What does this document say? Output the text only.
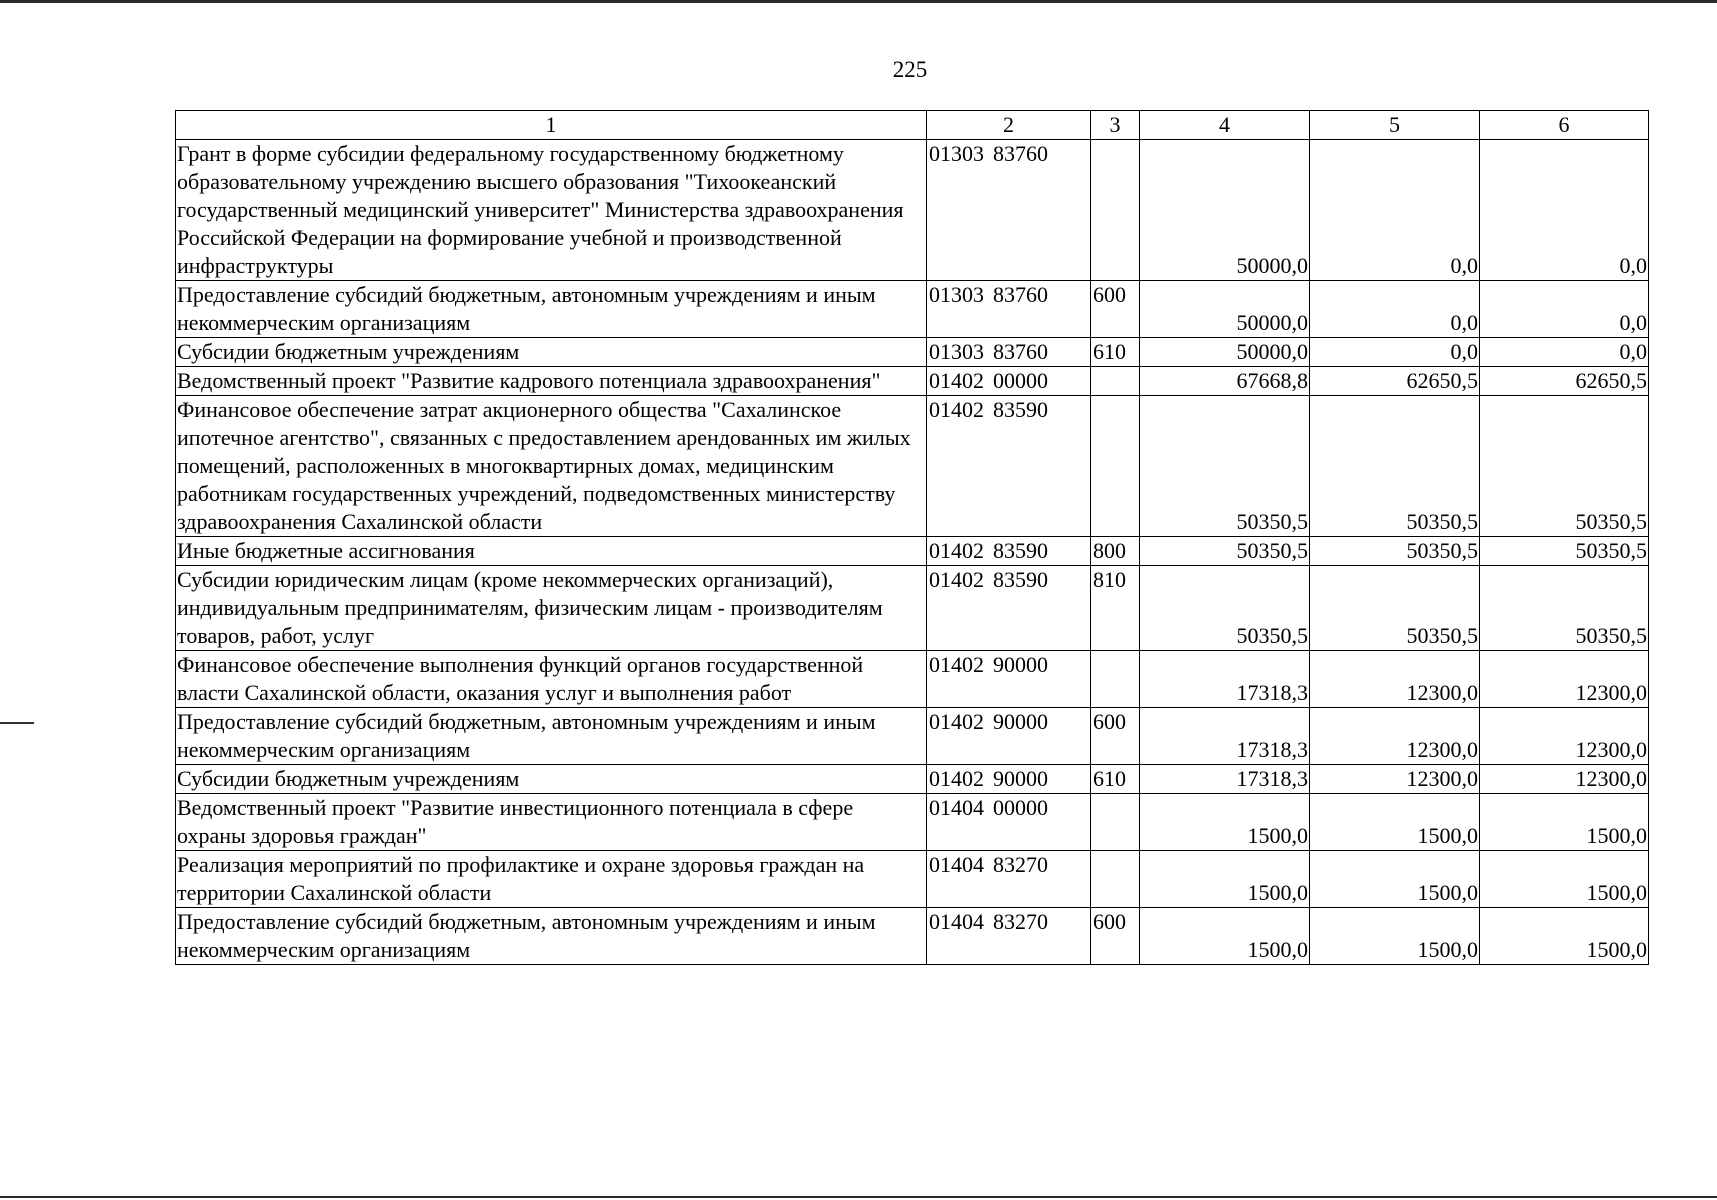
225
1	2	3	4	5	6
Грант в форме субсидии федеральному государственному бюджетному образовательному учреждению высшего образования "Тихоокеанский государственный медицинский университет" Министерства здравоохранения Российской Федерации на формирование учебной и производственной инфраструктуры	01303 83760		50000,0	0,0	0,0
Предоставление субсидий бюджетным, автономным учреждениям и иным некоммерческим организациям	01303 83760	600	50000,0	0,0	0,0
Субсидии бюджетным учреждениям	01303 83760	610	50000,0	0,0	0,0
Ведомственный проект "Развитие кадрового потенциала здравоохранения"	01402 00000		67668,8	62650,5	62650,5
Финансовое обеспечение затрат акционерного общества "Сахалинское ипотечное агентство", связанных с предоставлением арендованных им жилых помещений, расположенных в многоквартирных домах, медицинским работникам государственных учреждений, подведомственных министерству здравоохранения Сахалинской области	01402 83590		50350,5	50350,5	50350,5
Иные бюджетные ассигнования	01402 83590	800	50350,5	50350,5	50350,5
Субсидии юридическим лицам (кроме некоммерческих организаций), индивидуальным предпринимателям, физическим лицам - производителям товаров, работ, услуг	01402 83590	810	50350,5	50350,5	50350,5
Финансовое обеспечение выполнения функций органов государственной власти Сахалинской области, оказания услуг и выполнения работ	01402 90000		17318,3	12300,0	12300,0
Предоставление субсидий бюджетным, автономным учреждениям и иным некоммерческим организациям	01402 90000	600	17318,3	12300,0	12300,0
Субсидии бюджетным учреждениям	01402 90000	610	17318,3	12300,0	12300,0
Ведомственный проект "Развитие инвестиционного потенциала в сфере охраны здоровья граждан"	01404 00000		1500,0	1500,0	1500,0
Реализация мероприятий по профилактике и охране здоровья граждан на территории Сахалинской области	01404 83270		1500,0	1500,0	1500,0
Предоставление субсидий бюджетным, автономным учреждениям и иным некоммерческим организациям	01404 83270	600	1500,0	1500,0	1500,0
